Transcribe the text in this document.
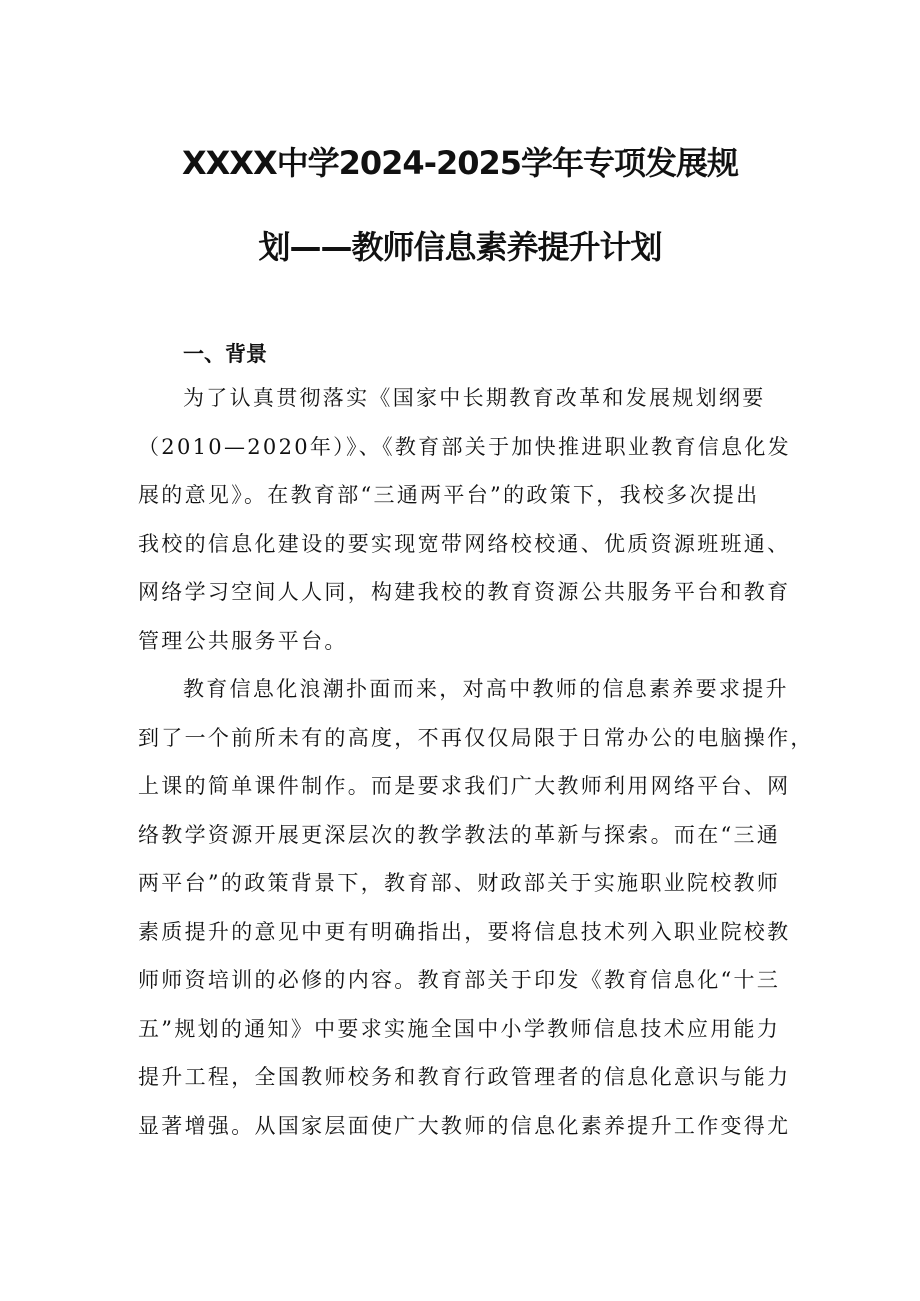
XXXX中学2024-2025学年专项发展规
划——教师信息素养提升计划
一、背景
为了认真贯彻落实《国家中长期教育改革和发展规划纲要
（2010—2020年）》、《教育部关于加快推进职业教育信息化发
展的意见》。在教育部“三通两平台”的政策下，我校多次提出
我校的信息化建设的要实现宽带网络校校通、优质资源班班通、
网络学习空间人人同，构建我校的教育资源公共服务平台和教育
管理公共服务平台。
教育信息化浪潮扑面而来，对高中教师的信息素养要求提升
到了一个前所未有的高度，不再仅仅局限于日常办公的电脑操作，
上课的简单课件制作。而是要求我们广大教师利用网络平台、网
络教学资源开展更深层次的教学教法的革新与探索。而在“三通
两平台”的政策背景下，教育部、财政部关于实施职业院校教师
素质提升的意见中更有明确指出，要将信息技术列入职业院校教
师师资培训的必修的内容。教育部关于印发《教育信息化“十三
五”规划的通知》中要求实施全国中小学教师信息技术应用能力
提升工程，全国教师校务和教育行政管理者的信息化意识与能力
显著增强。从国家层面使广大教师的信息化素养提升工作变得尤
